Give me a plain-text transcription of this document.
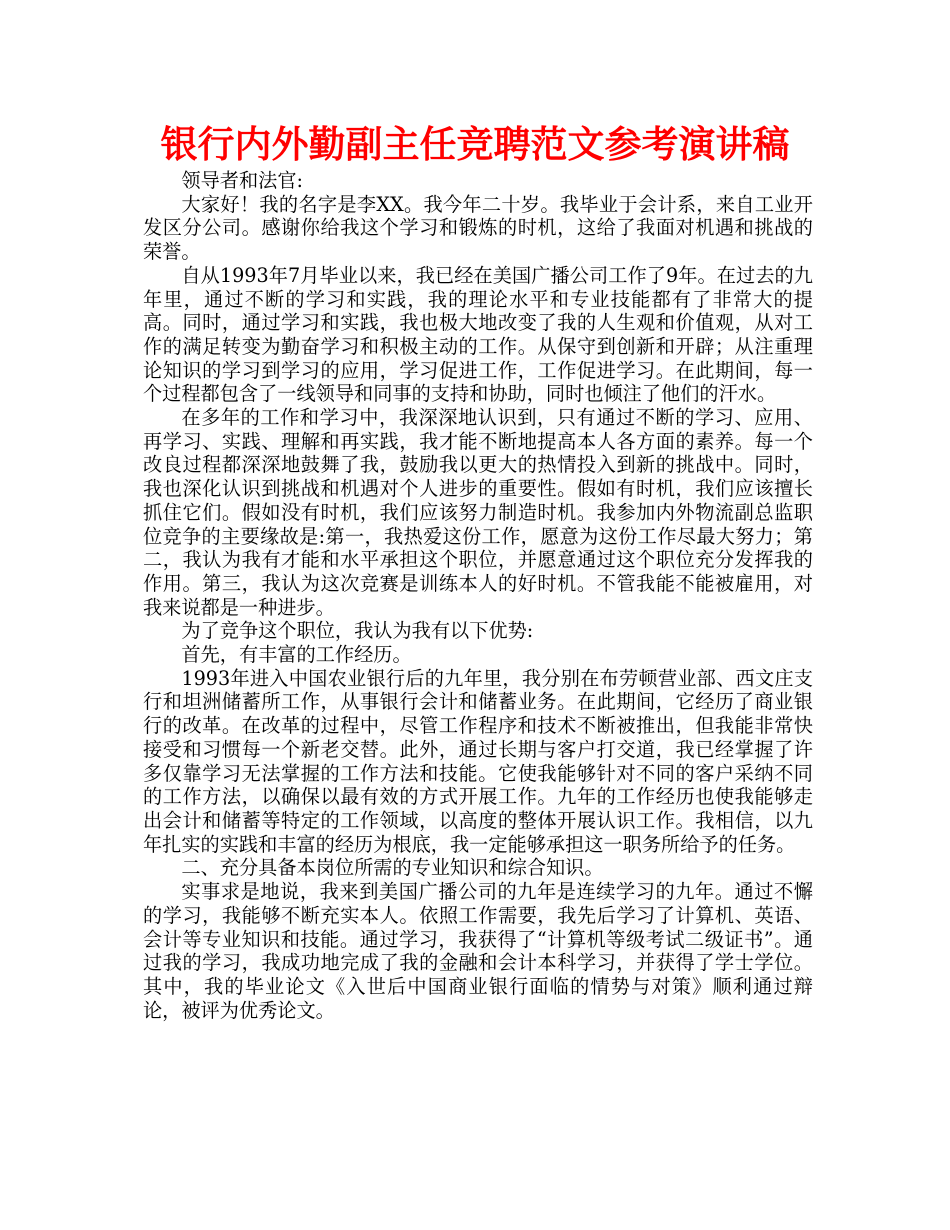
银行内外勤副主任竞聘范文参考演讲稿

领导者和法官:

大家好！我的名字是李XX。我今年二十岁。我毕业于会计系，来自工业开发区分公司。感谢你给我这个学习和锻炼的时机，这给了我面对机遇和挑战的荣誉。

自从1993年7月毕业以来，我已经在美国广播公司工作了9年。在过去的九年里，通过不断的学习和实践，我的理论水平和专业技能都有了非常大的提高。同时，通过学习和实践，我也极大地改变了我的人生观和价值观，从对工作的满足转变为勤奋学习和积极主动的工作。从保守到创新和开辟；从注重理论知识的学习到学习的应用，学习促进工作，工作促进学习。在此期间，每一个过程都包含了一线领导和同事的支持和协助，同时也倾注了他们的汗水。

在多年的工作和学习中，我深深地认识到，只有通过不断的学习、应用、再学习、实践、理解和再实践，我才能不断地提高本人各方面的素养。每一个改良过程都深深地鼓舞了我，鼓励我以更大的热情投入到新的挑战中。同时，我也深化认识到挑战和机遇对个人进步的重要性。假如有时机，我们应该擅长抓住它们。假如没有时机，我们应该努力制造时机。我参加内外物流副总监职位竞争的主要缘故是:第一，我热爱这份工作，愿意为这份工作尽最大努力；第二，我认为我有才能和水平承担这个职位，并愿意通过这个职位充分发挥我的作用。第三，我认为这次竞赛是训练本人的好时机。不管我能不能被雇用，对我来说都是一种进步。

为了竞争这个职位，我认为我有以下优势:

首先，有丰富的工作经历。

1993年进入中国农业银行后的九年里，我分别在布劳顿营业部、西文庄支行和坦洲储蓄所工作，从事银行会计和储蓄业务。在此期间，它经历了商业银行的改革。在改革的过程中，尽管工作程序和技术不断被推出，但我能非常快接受和习惯每一个新老交替。此外，通过长期与客户打交道，我已经掌握了许多仅靠学习无法掌握的工作方法和技能。它使我能够针对不同的客户采纳不同的工作方法，以确保以最有效的方式开展工作。九年的工作经历也使我能够走出会计和储蓄等特定的工作领域，以高度的整体开展认识工作。我相信，以九年扎实的实践和丰富的经历为根底，我一定能够承担这一职务所给予的任务。

二、充分具备本岗位所需的专业知识和综合知识。

实事求是地说，我来到美国广播公司的九年是连续学习的九年。通过不懈的学习，我能够不断充实本人。依照工作需要，我先后学习了计算机、英语、会计等专业知识和技能。通过学习，我获得了“计算机等级考试二级证书”。通过我的学习，我成功地完成了我的金融和会计本科学习，并获得了学士学位。其中，我的毕业论文《入世后中国商业银行面临的情势与对策》顺利通过辩论，被评为优秀论文。
